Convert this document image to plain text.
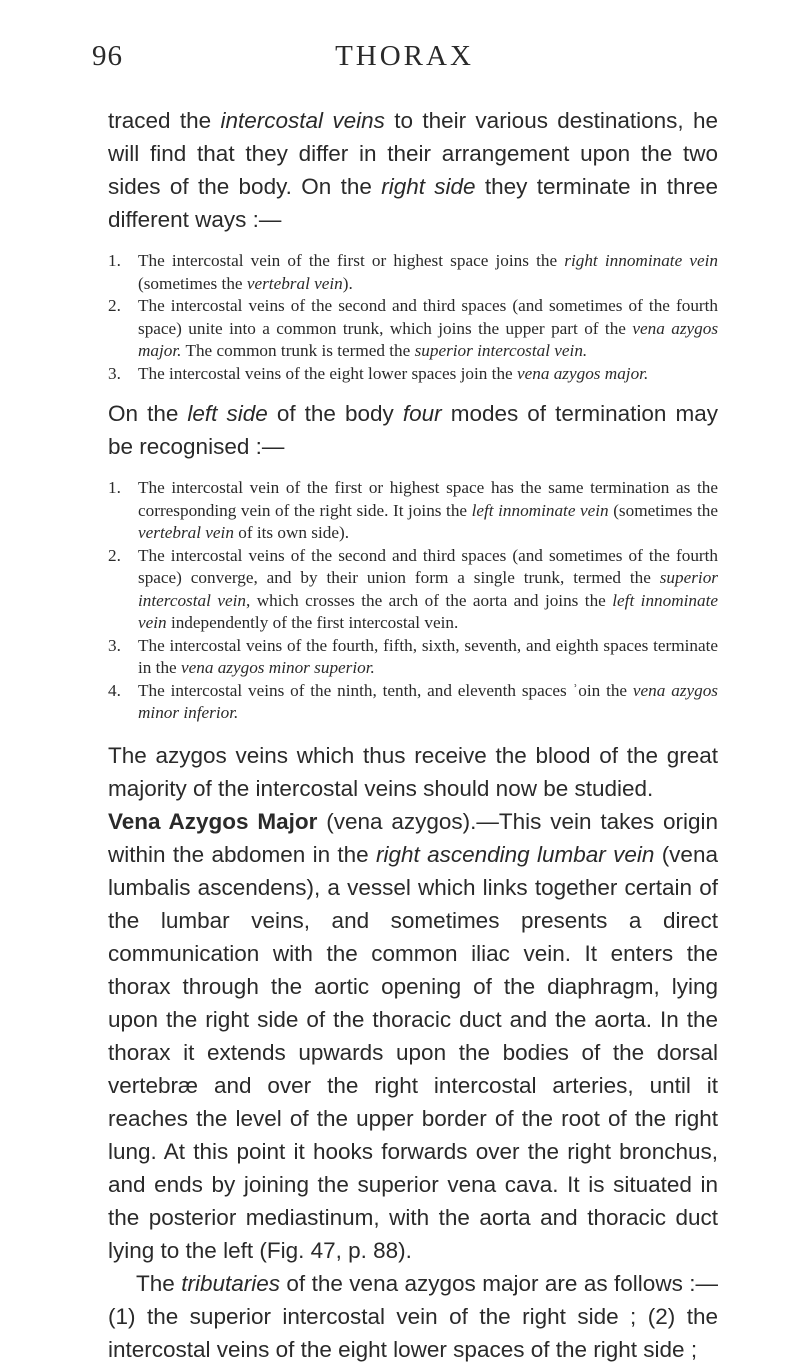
96	THORAX

traced the intercostal veins to their various destinations, he will find that they differ in their arrangement upon the two sides of the body. On the right side they terminate in three different ways :—

1. The intercostal vein of the first or highest space joins the right innominate vein (sometimes the vertebral vein).
2. The intercostal veins of the second and third spaces (and sometimes of the fourth space) unite into a common trunk, which joins the upper part of the vena azygos major. The common trunk is termed the superior intercostal vein.
3. The intercostal veins of the eight lower spaces join the vena azygos major.

On the left side of the body four modes of termination may be recognised :—

1. The intercostal vein of the first or highest space has the same termination as the corresponding vein of the right side. It joins the left innominate vein (sometimes the vertebral vein of its own side).
2. The intercostal veins of the second and third spaces (and sometimes of the fourth space) converge, and by their union form a single trunk, termed the superior intercostal vein, which crosses the arch of the aorta and joins the left innominate vein independently of the first intercostal vein.
3. The intercostal veins of the fourth, fifth, sixth, seventh, and eighth spaces terminate in the vena azygos minor superior.
4. The intercostal veins of the ninth, tenth, and eleventh spaces ʾoin the vena azygos minor inferior.

The azygos veins which thus receive the blood of the great majority of the intercostal veins should now be studied.

Vena Azygos Major (vena azygos).—This vein takes origin within the abdomen in the right ascending lumbar vein (vena lumbalis ascendens), a vessel which links together certain of the lumbar veins, and sometimes presents a direct communication with the common iliac vein. It enters the thorax through the aortic opening of the diaphragm, lying upon the right side of the thoracic duct and the aorta. In the thorax it extends upwards upon the bodies of the dorsal vertebræ and over the right intercostal arteries, until it reaches the level of the upper border of the root of the right lung. At this point it hooks forwards over the right bronchus, and ends by joining the superior vena cava. It is situated in the posterior mediastinum, with the aorta and thoracic duct lying to the left (Fig. 47, p. 88).

The tributaries of the vena azygos major are as follows :—(1) the superior intercostal vein of the right side ; (2) the intercostal veins of the eight lower spaces of the right side ;
